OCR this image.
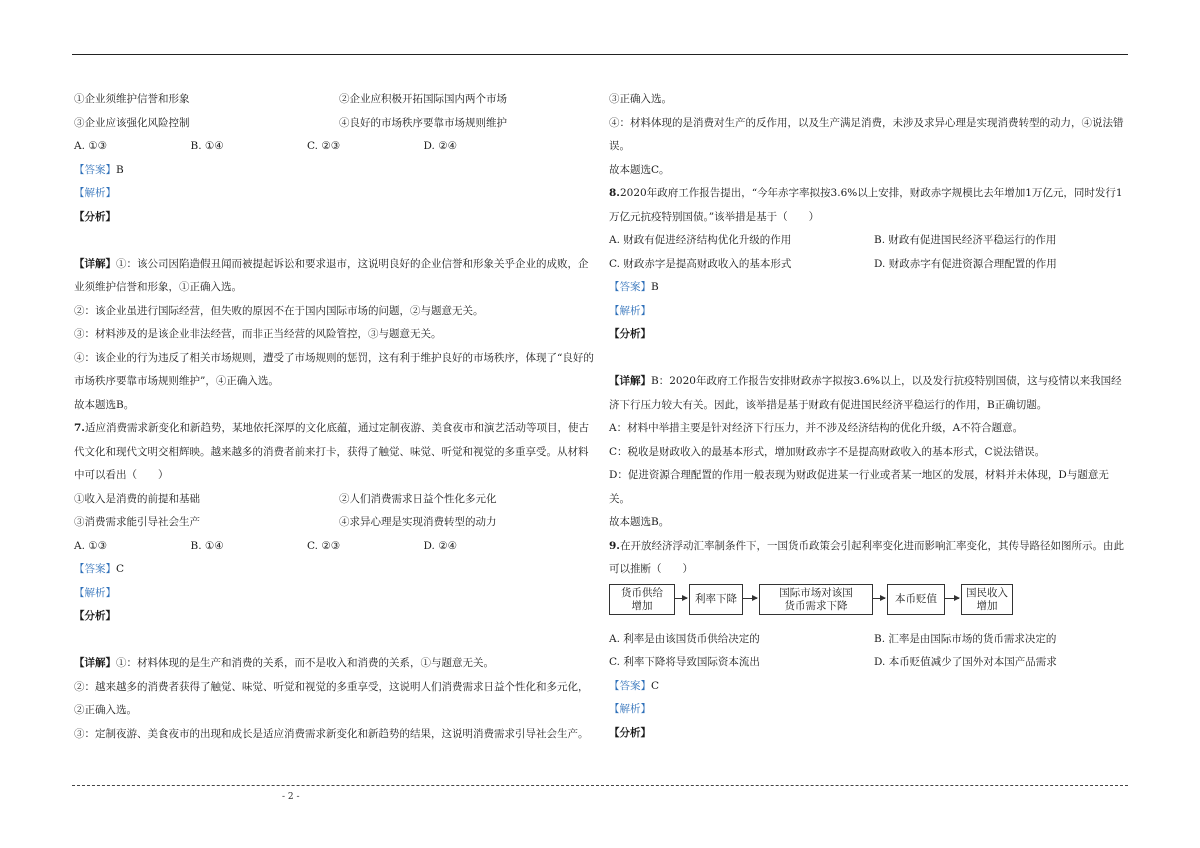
①企业须维护信誉和形象	②企业应积极开拓国际国内两个市场
③企业应该强化风险控制	④良好的市场秩序要靠市场规则维护
A. ①③	B. ①④	C. ②③	D. ②④

【答案】B

【解析】

【分析】

【详解】①：该公司因陷造假丑闻而被提起诉讼和要求退市，这说明良好的企业信誉和形象关乎企业的成败，企业须维护信誉和形象，①正确入选。

②：该企业虽进行国际经营，但失败的原因不在于国内国际市场的问题，②与题意无关。

③：材料涉及的是该企业非法经营，而非正当经营的风险管控，③与题意无关。

④：该企业的行为违反了相关市场规则，遭受了市场规则的惩罚，这有利于维护良好的市场秩序，体现了“良好的市场秩序要靠市场规则维护”，④正确入选。

故本题选B。

7.适应消费需求新变化和新趋势，某地依托深厚的文化底蕴，通过定制夜游、美食夜市和演艺活动等项目，使古代文化和现代文明交相辉映。越来越多的消费者前来打卡，获得了触觉、味觉、听觉和视觉的多重享受。从材料中可以看出（　　）

①收入是消费的前提和基础	②人们消费需求日益个性化多元化
③消费需求能引导社会生产	④求异心理是实现消费转型的动力
A. ①③	B. ①④	C. ②③	D. ②④

【答案】C

【解析】

【分析】

【详解】①：材料体现的是生产和消费的关系，而不是收入和消费的关系，①与题意无关。

②：越来越多的消费者获得了触觉、味觉、听觉和视觉的多重享受，这说明人们消费需求日益个性化和多元化，②正确入选。

③：定制夜游、美食夜市的出现和成长是适应消费需求新变化和新趋势的结果，这说明消费需求引导社会生产。

③正确入选。

④：材料体现的是消费对生产的反作用，以及生产满足消费，未涉及求异心理是实现消费转型的动力，④说法错误。

故本题选C。

8.2020年政府工作报告提出，“今年赤字率拟按3.6%以上安排，财政赤字规模比去年增加1万亿元，同时发行1万亿元抗疫特别国债。”该举措是基于（　　）

A. 财政有促进经济结构优化升级的作用	B. 财政有促进国民经济平稳运行的作用
C. 财政赤字是提高财政收入的基本形式	D. 财政赤字有促进资源合理配置的作用

【答案】B

【解析】

【分析】

【详解】B：2020年政府工作报告安排财政赤字拟按3.6%以上，以及发行抗疫特别国债，这与疫情以来我国经济下行压力较大有关。因此，该举措是基于财政有促进国民经济平稳运行的作用，B正确切题。

A：材料中举措主要是针对经济下行压力，并不涉及经济结构的优化升级，A不符合题意。

C：税收是财政收入的最基本形式，增加财政赤字不是提高财政收入的基本形式，C说法错误。

D：促进资源合理配置的作用一般表现为财政促进某一行业或者某一地区的发展，材料并未体现，D与题意无关。

故本题选B。

9.在开放经济浮动汇率制条件下，一国货币政策会引起利率变化进而影响汇率变化，其传导路径如图所示。由此可以推断（　　）

货币供给
增加
利率下降
国际市场对该国
货币需求下降
本币贬值
国民收入
增加
A. 利率是由该国货币供给决定的	B. 汇率是由国际市场的货币需求决定的
C. 利率下降将导致国际资本流出	D. 本币贬值减少了国外对本国产品需求

【答案】C

【解析】

【分析】

- 2 -
